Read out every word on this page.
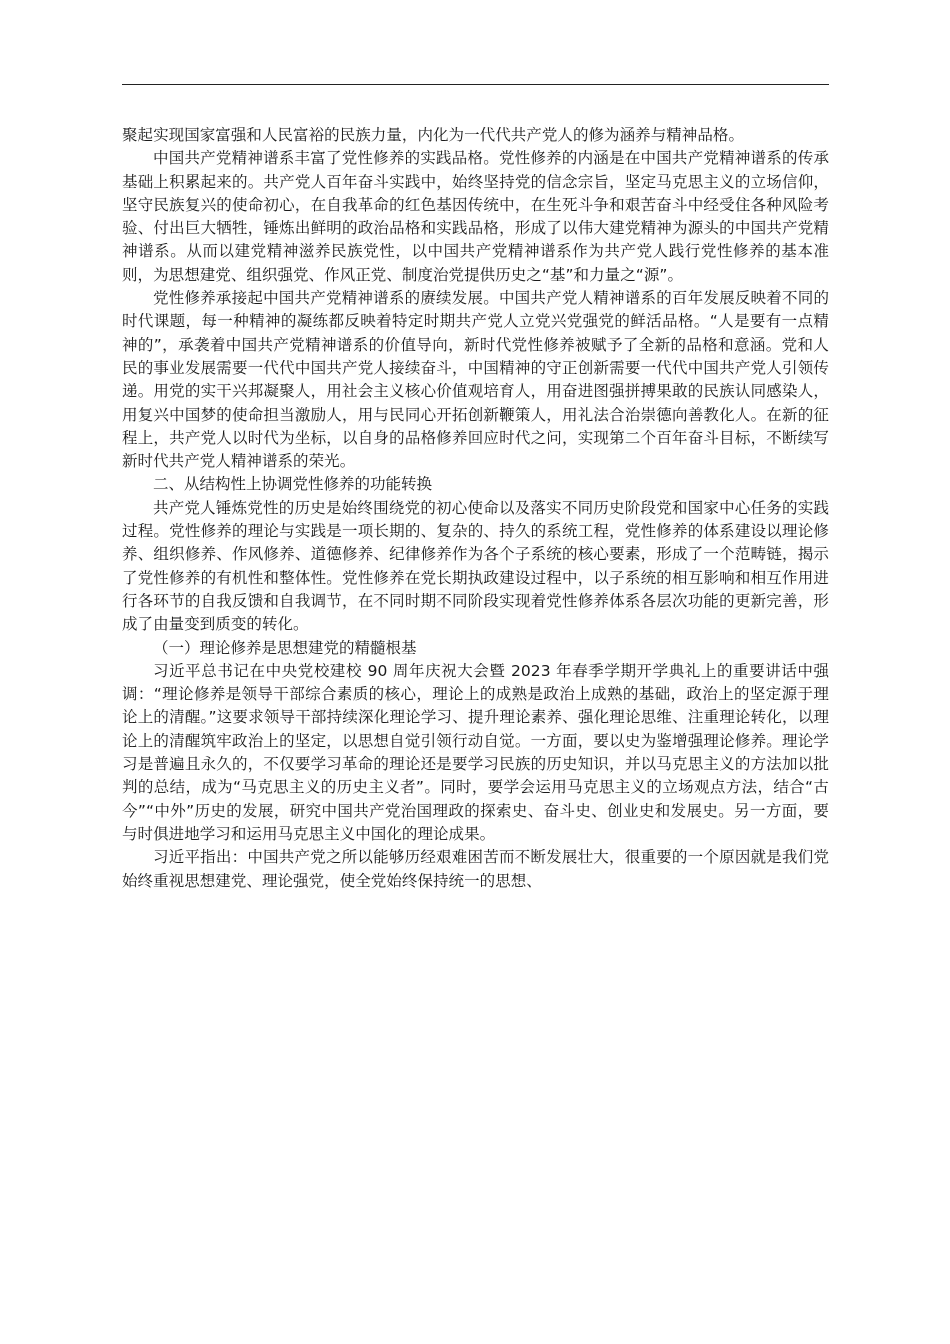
聚起实现国家富强和人民富裕的民族力量，内化为一代代共产党人的修为涵养与精神品格。

中国共产党精神谱系丰富了党性修养的实践品格。党性修养的内涵是在中国共产党精神谱系的传承基础上积累起来的。共产党人百年奋斗实践中，始终坚持党的信念宗旨，坚定马克思主义的立场信仰，坚守民族复兴的使命初心，在自我革命的红色基因传统中，在生死斗争和艰苦奋斗中经受住各种风险考验、付出巨大牺牲，锤炼出鲜明的政治品格和实践品格，形成了以伟大建党精神为源头的中国共产党精神谱系。从而以建党精神滋养民族党性，以中国共产党精神谱系作为共产党人践行党性修养的基本准则，为思想建党、组织强党、作风正党、制度治党提供历史之“基”和力量之“源”。

党性修养承接起中国共产党精神谱系的赓续发展。中国共产党人精神谱系的百年发展反映着不同的时代课题，每一种精神的凝练都反映着特定时期共产党人立党兴党强党的鲜活品格。“人是要有一点精神的”，承袭着中国共产党精神谱系的价值导向，新时代党性修养被赋予了全新的品格和意涵。党和人民的事业发展需要一代代中国共产党人接续奋斗，中国精神的守正创新需要一代代中国共产党人引领传递。用党的实干兴邦凝聚人，用社会主义核心价值观培育人，用奋进图强拼搏果敢的民族认同感染人，用复兴中国梦的使命担当激励人，用与民同心开拓创新鞭策人，用礼法合治崇德向善教化人。在新的征程上，共产党人以时代为坐标，以自身的品格修养回应时代之问，实现第二个百年奋斗目标，不断续写新时代共产党人精神谱系的荣光。

二、从结构性上协调党性修养的功能转换

共产党人锤炼党性的历史是始终围绕党的初心使命以及落实不同历史阶段党和国家中心任务的实践过程。党性修养的理论与实践是一项长期的、复杂的、持久的系统工程，党性修养的体系建设以理论修养、组织修养、作风修养、道德修养、纪律修养作为各个子系统的核心要素，形成了一个范畴链，揭示了党性修养的有机性和整体性。党性修养在党长期执政建设过程中，以子系统的相互影响和相互作用进行各环节的自我反馈和自我调节，在不同时期不同阶段实现着党性修养体系各层次功能的更新完善，形成了由量变到质变的转化。

（一）理论修养是思想建党的精髓根基

习近平总书记在中央党校建校 90 周年庆祝大会暨 2023 年春季学期开学典礼上的重要讲话中强调：“理论修养是领导干部综合素质的核心，理论上的成熟是政治上成熟的基础，政治上的坚定源于理论上的清醒。”这要求领导干部持续深化理论学习、提升理论素养、强化理论思维、注重理论转化，以理论上的清醒筑牢政治上的坚定，以思想自觉引领行动自觉。一方面，要以史为鉴增强理论修养。理论学习是普遍且永久的，不仅要学习革命的理论还是要学习民族的历史知识，并以马克思主义的方法加以批判的总结，成为“马克思主义的历史主义者”。同时，要学会运用马克思主义的立场观点方法，结合“古今”“中外”历史的发展，研究中国共产党治国理政的探索史、奋斗史、创业史和发展史。另一方面，要与时俱进地学习和运用马克思主义中国化的理论成果。

习近平指出：中国共产党之所以能够历经艰难困苦而不断发展壮大，很重要的一个原因就是我们党始终重视思想建党、理论强党，使全党始终保持统一的思想、
